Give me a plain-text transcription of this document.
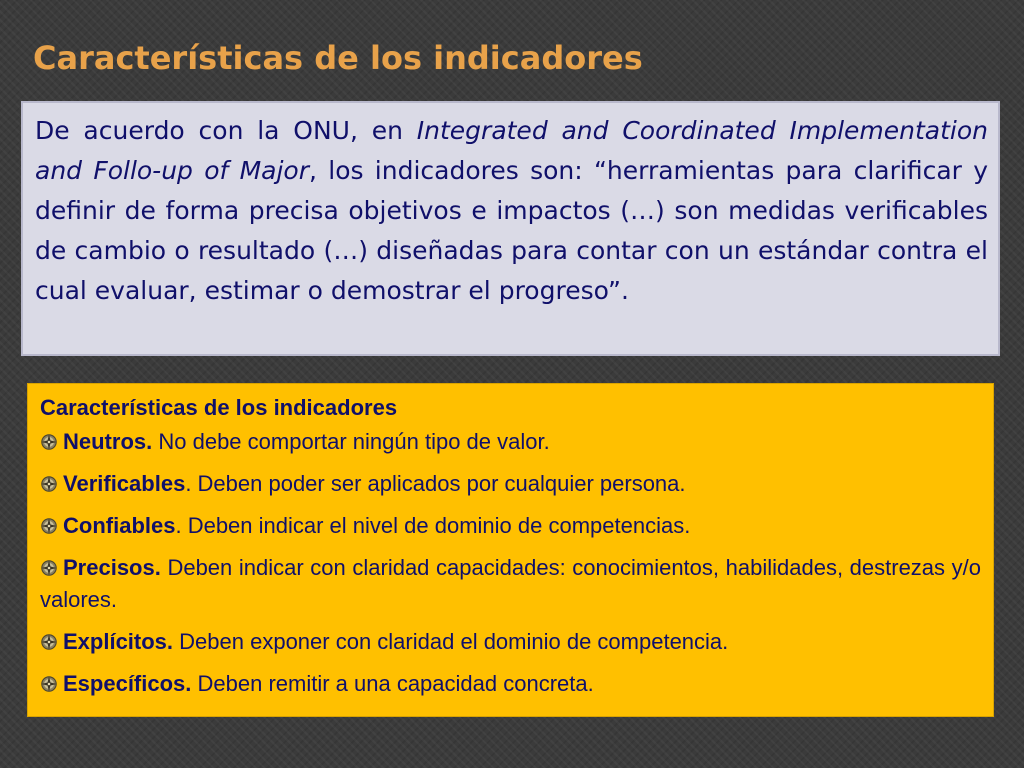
Características de los indicadores

De acuerdo con la ONU, en Integrated and Coordinated Implementation and Follo-up of Major, los indicadores son: “herramientas para clarificar y definir de forma precisa objetivos e impactos (…) son medidas verificables de cambio o resultado (…) diseñadas para contar con un estándar contra el cual evaluar, estimar o demostrar el progreso”.

Características de los indicadores

Neutros. No debe comportar ningún tipo de valor.
Verificables. Deben poder ser aplicados por cualquier persona.
Confiables. Deben indicar el nivel de dominio de competencias.
Precisos. Deben indicar con claridad capacidades: conocimientos, habilidades, destrezas y/o valores.
Explícitos. Deben exponer con claridad el dominio de competencia.
Específicos. Deben remitir a una capacidad concreta.
